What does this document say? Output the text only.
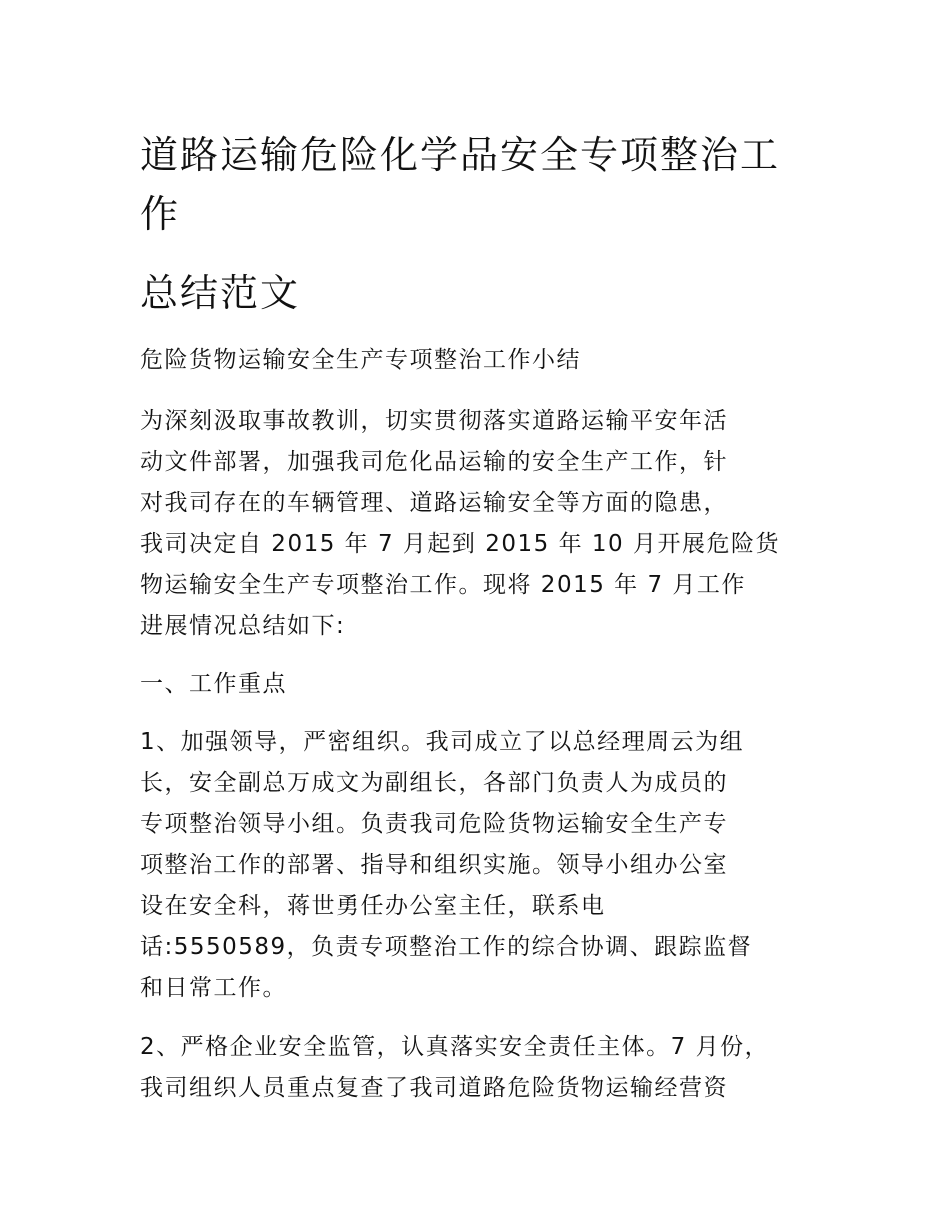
道路运输危险化学品安全专项整治工
作
总结范文
危险货物运输安全生产专项整治工作小结
为深刻汲取事故教训，切实贯彻落实道路运输平安年活
动文件部署，加强我司危化品运输的安全生产工作，针
对我司存在的车辆管理、道路运输安全等方面的隐患，
我司决定自 2015 年 7 月起到 2015 年 10 月开展危险货
物运输安全生产专项整治工作。现将 2015 年 7 月工作
进展情况总结如下:
一、工作重点
1、加强领导，严密组织。我司成立了以总经理周云为组
长，安全副总万成文为副组长，各部门负责人为成员的
专项整治领导小组。负责我司危险货物运输安全生产专
项整治工作的部署、指导和组织实施。领导小组办公室
设在安全科，蒋世勇任办公室主任，联系电
话:5550589，负责专项整治工作的综合协调、跟踪监督
和日常工作。
2、严格企业安全监管，认真落实安全责任主体。7 月份，
我司组织人员重点复查了我司道路危险货物运输经营资
